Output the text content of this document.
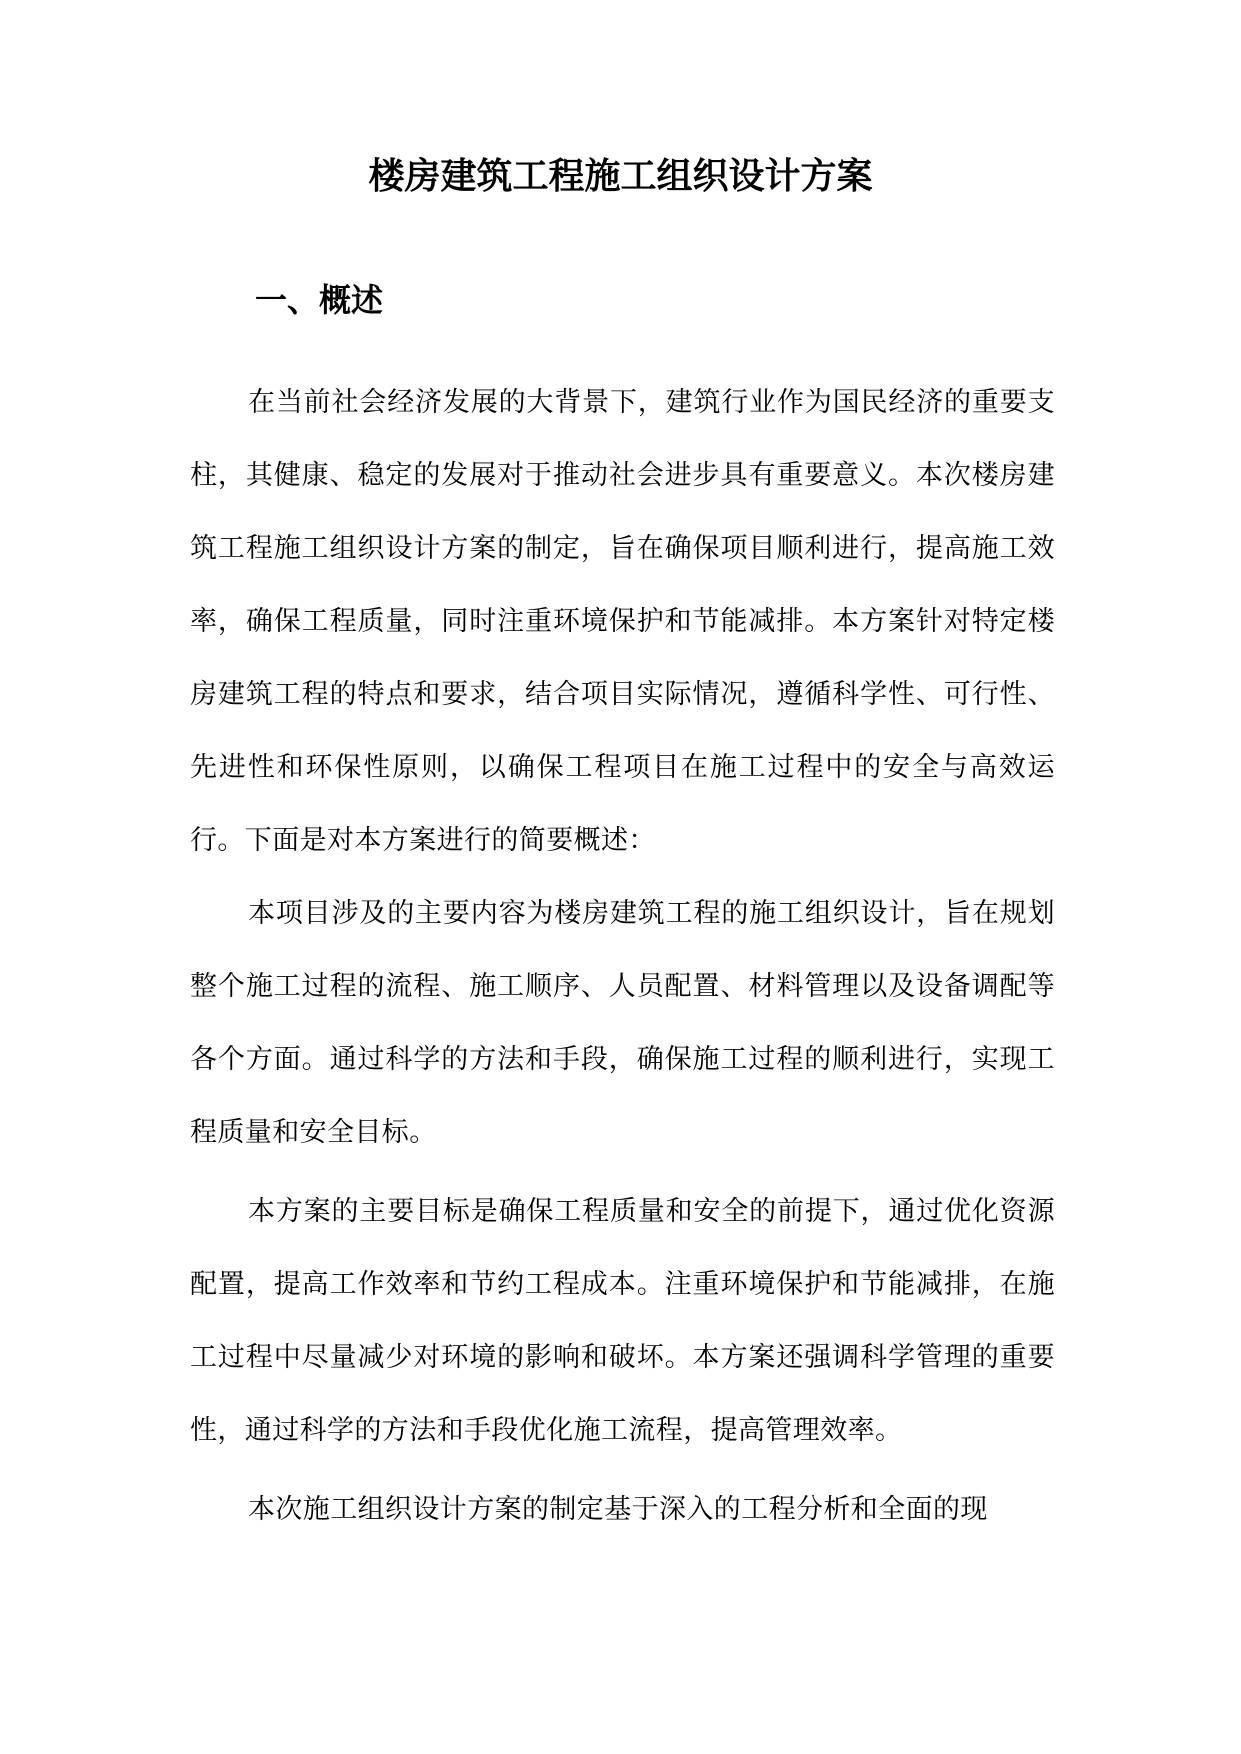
楼房建筑工程施工组织设计方案
一、概述

在当前社会经济发展的大背景下，建筑行业作为国民经济的重要支柱，其健康、稳定的发展对于推动社会进步具有重要意义。本次楼房建筑工程施工组织设计方案的制定，旨在确保项目顺利进行，提高施工效率，确保工程质量，同时注重环境保护和节能减排。本方案针对特定楼房建筑工程的特点和要求，结合项目实际情况，遵循科学性、可行性、先进性和环保性原则，以确保工程项目在施工过程中的安全与高效运行。下面是对本方案进行的简要概述：

本项目涉及的主要内容为楼房建筑工程的施工组织设计，旨在规划整个施工过程的流程、施工顺序、人员配置、材料管理以及设备调配等各个方面。通过科学的方法和手段，确保施工过程的顺利进行，实现工程质量和安全目标。

本方案的主要目标是确保工程质量和安全的前提下，通过优化资源配置，提高工作效率和节约工程成本。注重环境保护和节能减排，在施工过程中尽量减少对环境的影响和破坏。本方案还强调科学管理的重要性，通过科学的方法和手段优化施工流程，提高管理效率。

本次施工组织设计方案的制定基于深入的工程分析和全面的现
